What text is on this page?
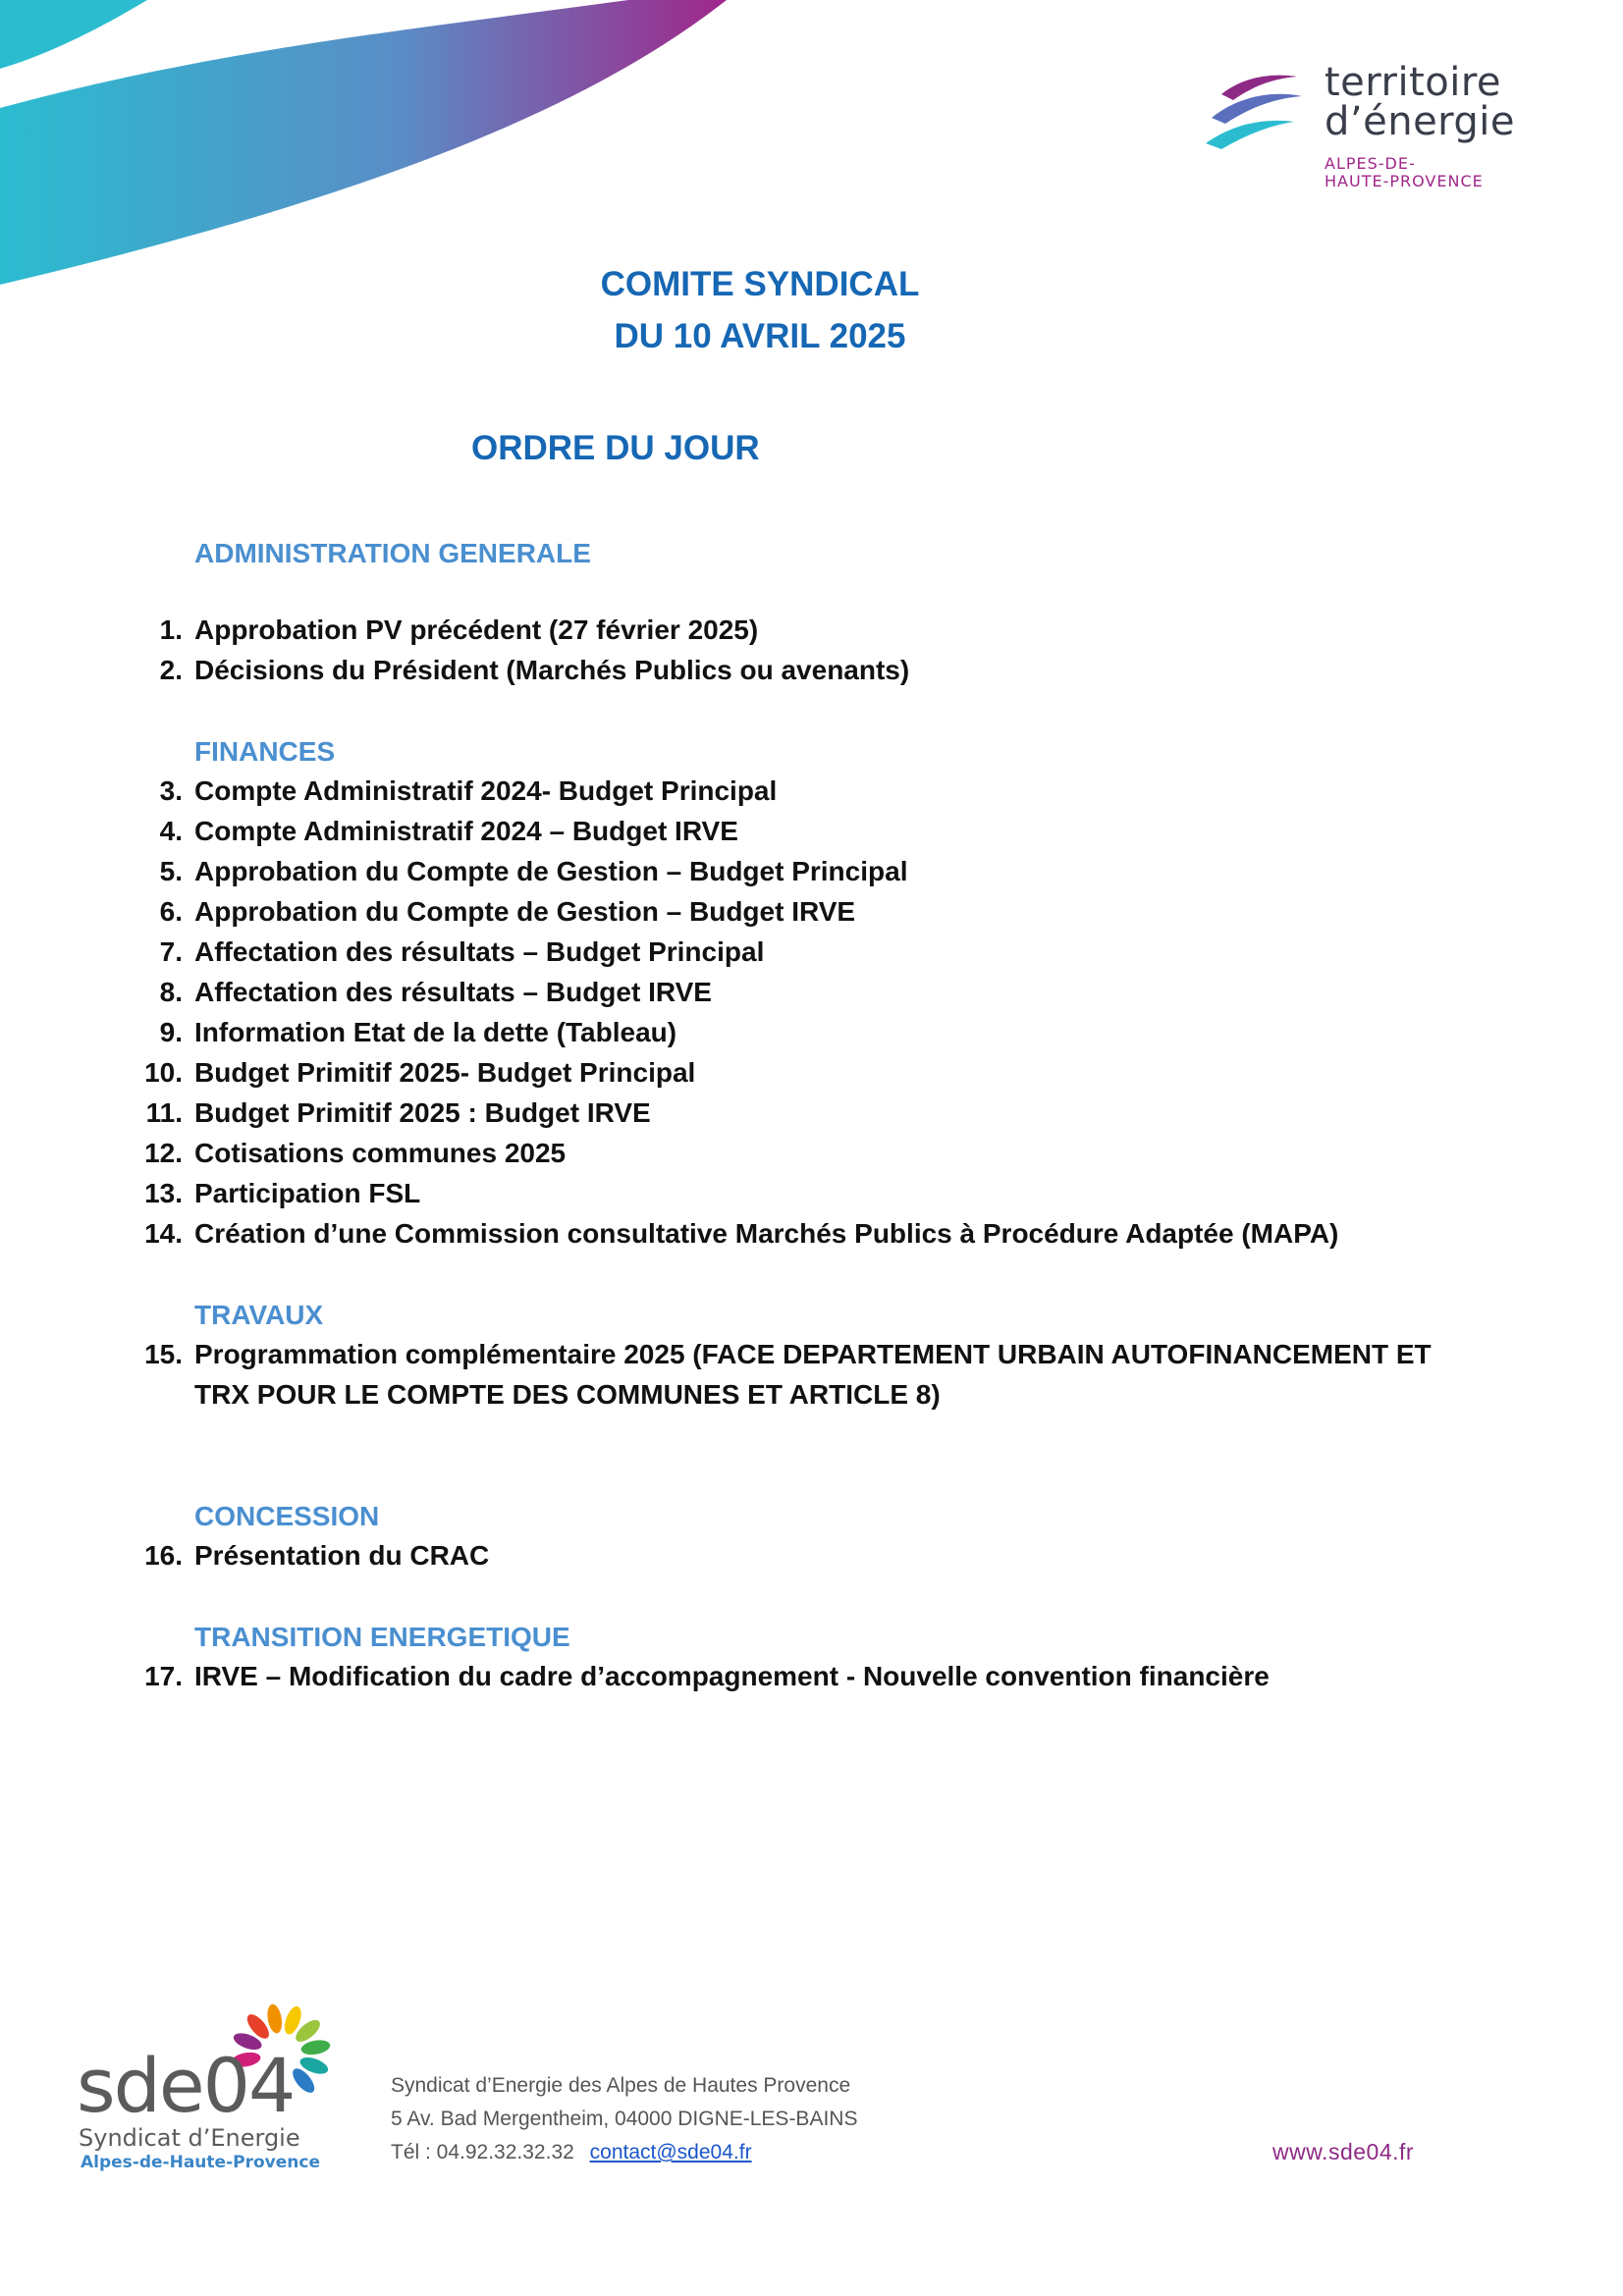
territoire
d’énergie
ALPES-DE-
HAUTE-PROVENCE
COMITE SYNDICAL
DU 10 AVRIL 2025
ORDRE DU JOUR
ADMINISTRATION GENERALE
1. Approbation PV précédent (27 février 2025)
2. Décisions du Président (Marchés Publics ou avenants)
FINANCES
3. Compte Administratif 2024- Budget Principal
4. Compte Administratif 2024 – Budget IRVE
5. Approbation du Compte de Gestion – Budget Principal
6. Approbation du Compte de Gestion – Budget IRVE
7. Affectation des résultats – Budget Principal
8. Affectation des résultats – Budget IRVE
9. Information Etat de la dette (Tableau)
10. Budget Primitif 2025- Budget Principal
11. Budget Primitif 2025 : Budget IRVE
12. Cotisations communes 2025
13. Participation FSL
14. Création d’une Commission consultative Marchés Publics à Procédure Adaptée (MAPA)
TRAVAUX
15. Programmation complémentaire 2025 (FACE DEPARTEMENT URBAIN AUTOFINANCEMENT ET TRX POUR LE COMPTE DES COMMUNES ET ARTICLE 8)
CONCESSION
16. Présentation du CRAC
TRANSITION ENERGETIQUE
17. IRVE – Modification du cadre d’accompagnement - Nouvelle convention financière
sde04
Syndicat d’Energie
Alpes-de-Haute-Provence
Syndicat d’Energie des Alpes de Hautes Provence
5 Av. Bad Mergentheim, 04000 DIGNE-LES-BAINS
Tél : 04.92.32.32.32 contact@sde04.fr	www.sde04.fr
